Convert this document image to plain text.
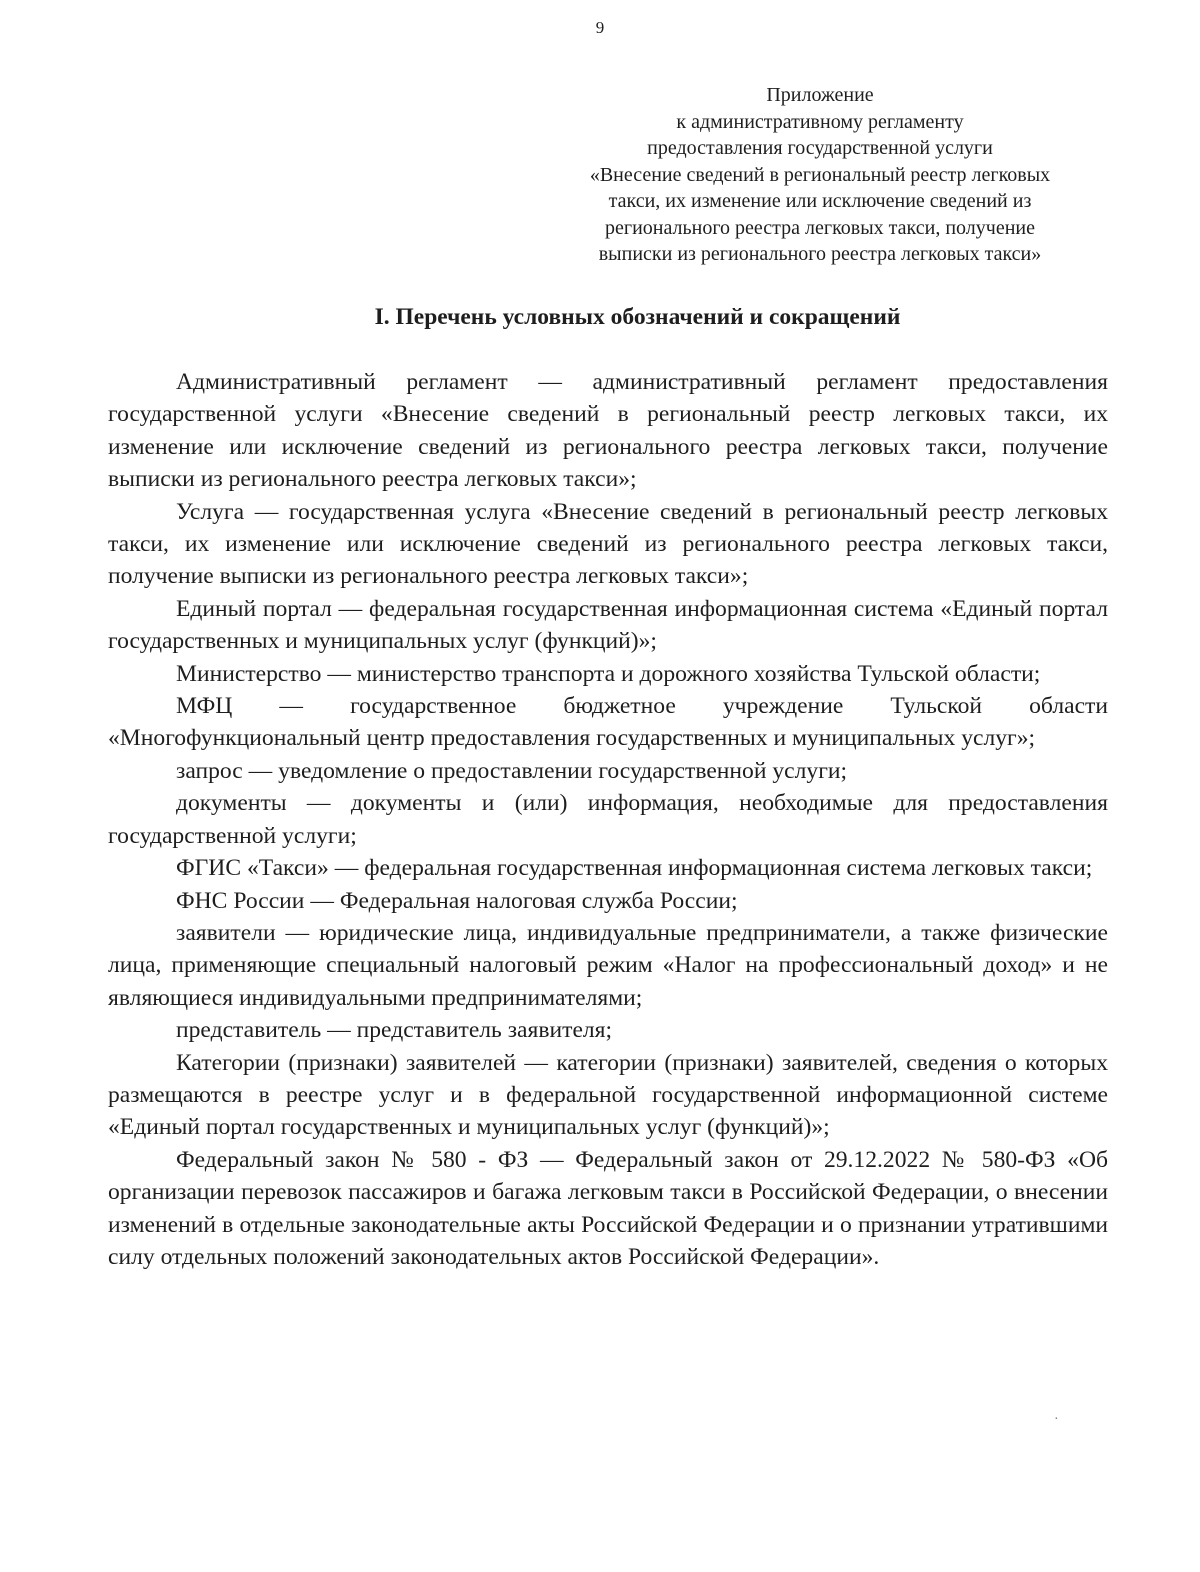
9
Приложение
к административному регламенту
предоставления государственной услуги
«Внесение сведений в региональный реестр легковых
такси, их изменение или исключение сведений из
регионального реестра легковых такси, получение
выписки из регионального реестра легковых такси»
I. Перечень условных обозначений и сокращений

Административный регламент — административный регламент предоставления государственной услуги «Внесение сведений в региональный реестр легковых такси, их изменение или исключение сведений из регионального реестра легковых такси, получение выписки из регионального реестра легковых такси»;

Услуга — государственная услуга «Внесение сведений в региональный реестр легковых такси, их изменение или исключение сведений из регионального реестра легковых такси, получение выписки из регионального реестра легковых такси»;

Единый портал — федеральная государственная информационная система «Единый портал государственных и муниципальных услуг (функций)»;

Министерство — министерство транспорта и дорожного хозяйства Тульской области;

МФЦ — государственное бюджетное учреждение Тульской области «Многофункциональный центр предоставления государственных и муниципальных услуг»;

запрос — уведомление о предоставлении государственной услуги;

документы — документы и (или) информация, необходимые для предоставления государственной услуги;

ФГИС «Такси» — федеральная государственная информационная система легковых такси;

ФНС России — Федеральная налоговая служба России;

заявители — юридические лица, индивидуальные предприниматели, а также физические лица, применяющие специальный налоговый режим «Налог на профессиональный доход» и не являющиеся индивидуальными предпринимателями;

представитель — представитель заявителя;

Категории (признаки) заявителей — категории (признаки) заявителей, сведения о которых размещаются в реестре услуг и в федеральной государственной информационной системе «Единый портал государственных и муниципальных услуг (функций)»;

Федеральный закон № 580 - ФЗ — Федеральный закон от 29.12.2022 № 580-ФЗ «Об организации перевозок пассажиров и багажа легковым такси в Российской Федерации, о внесении изменений в отдельные законодательные акты Российской Федерации и о признании утратившими силу отдельных положений законодательных актов Российской Федерации».

·
